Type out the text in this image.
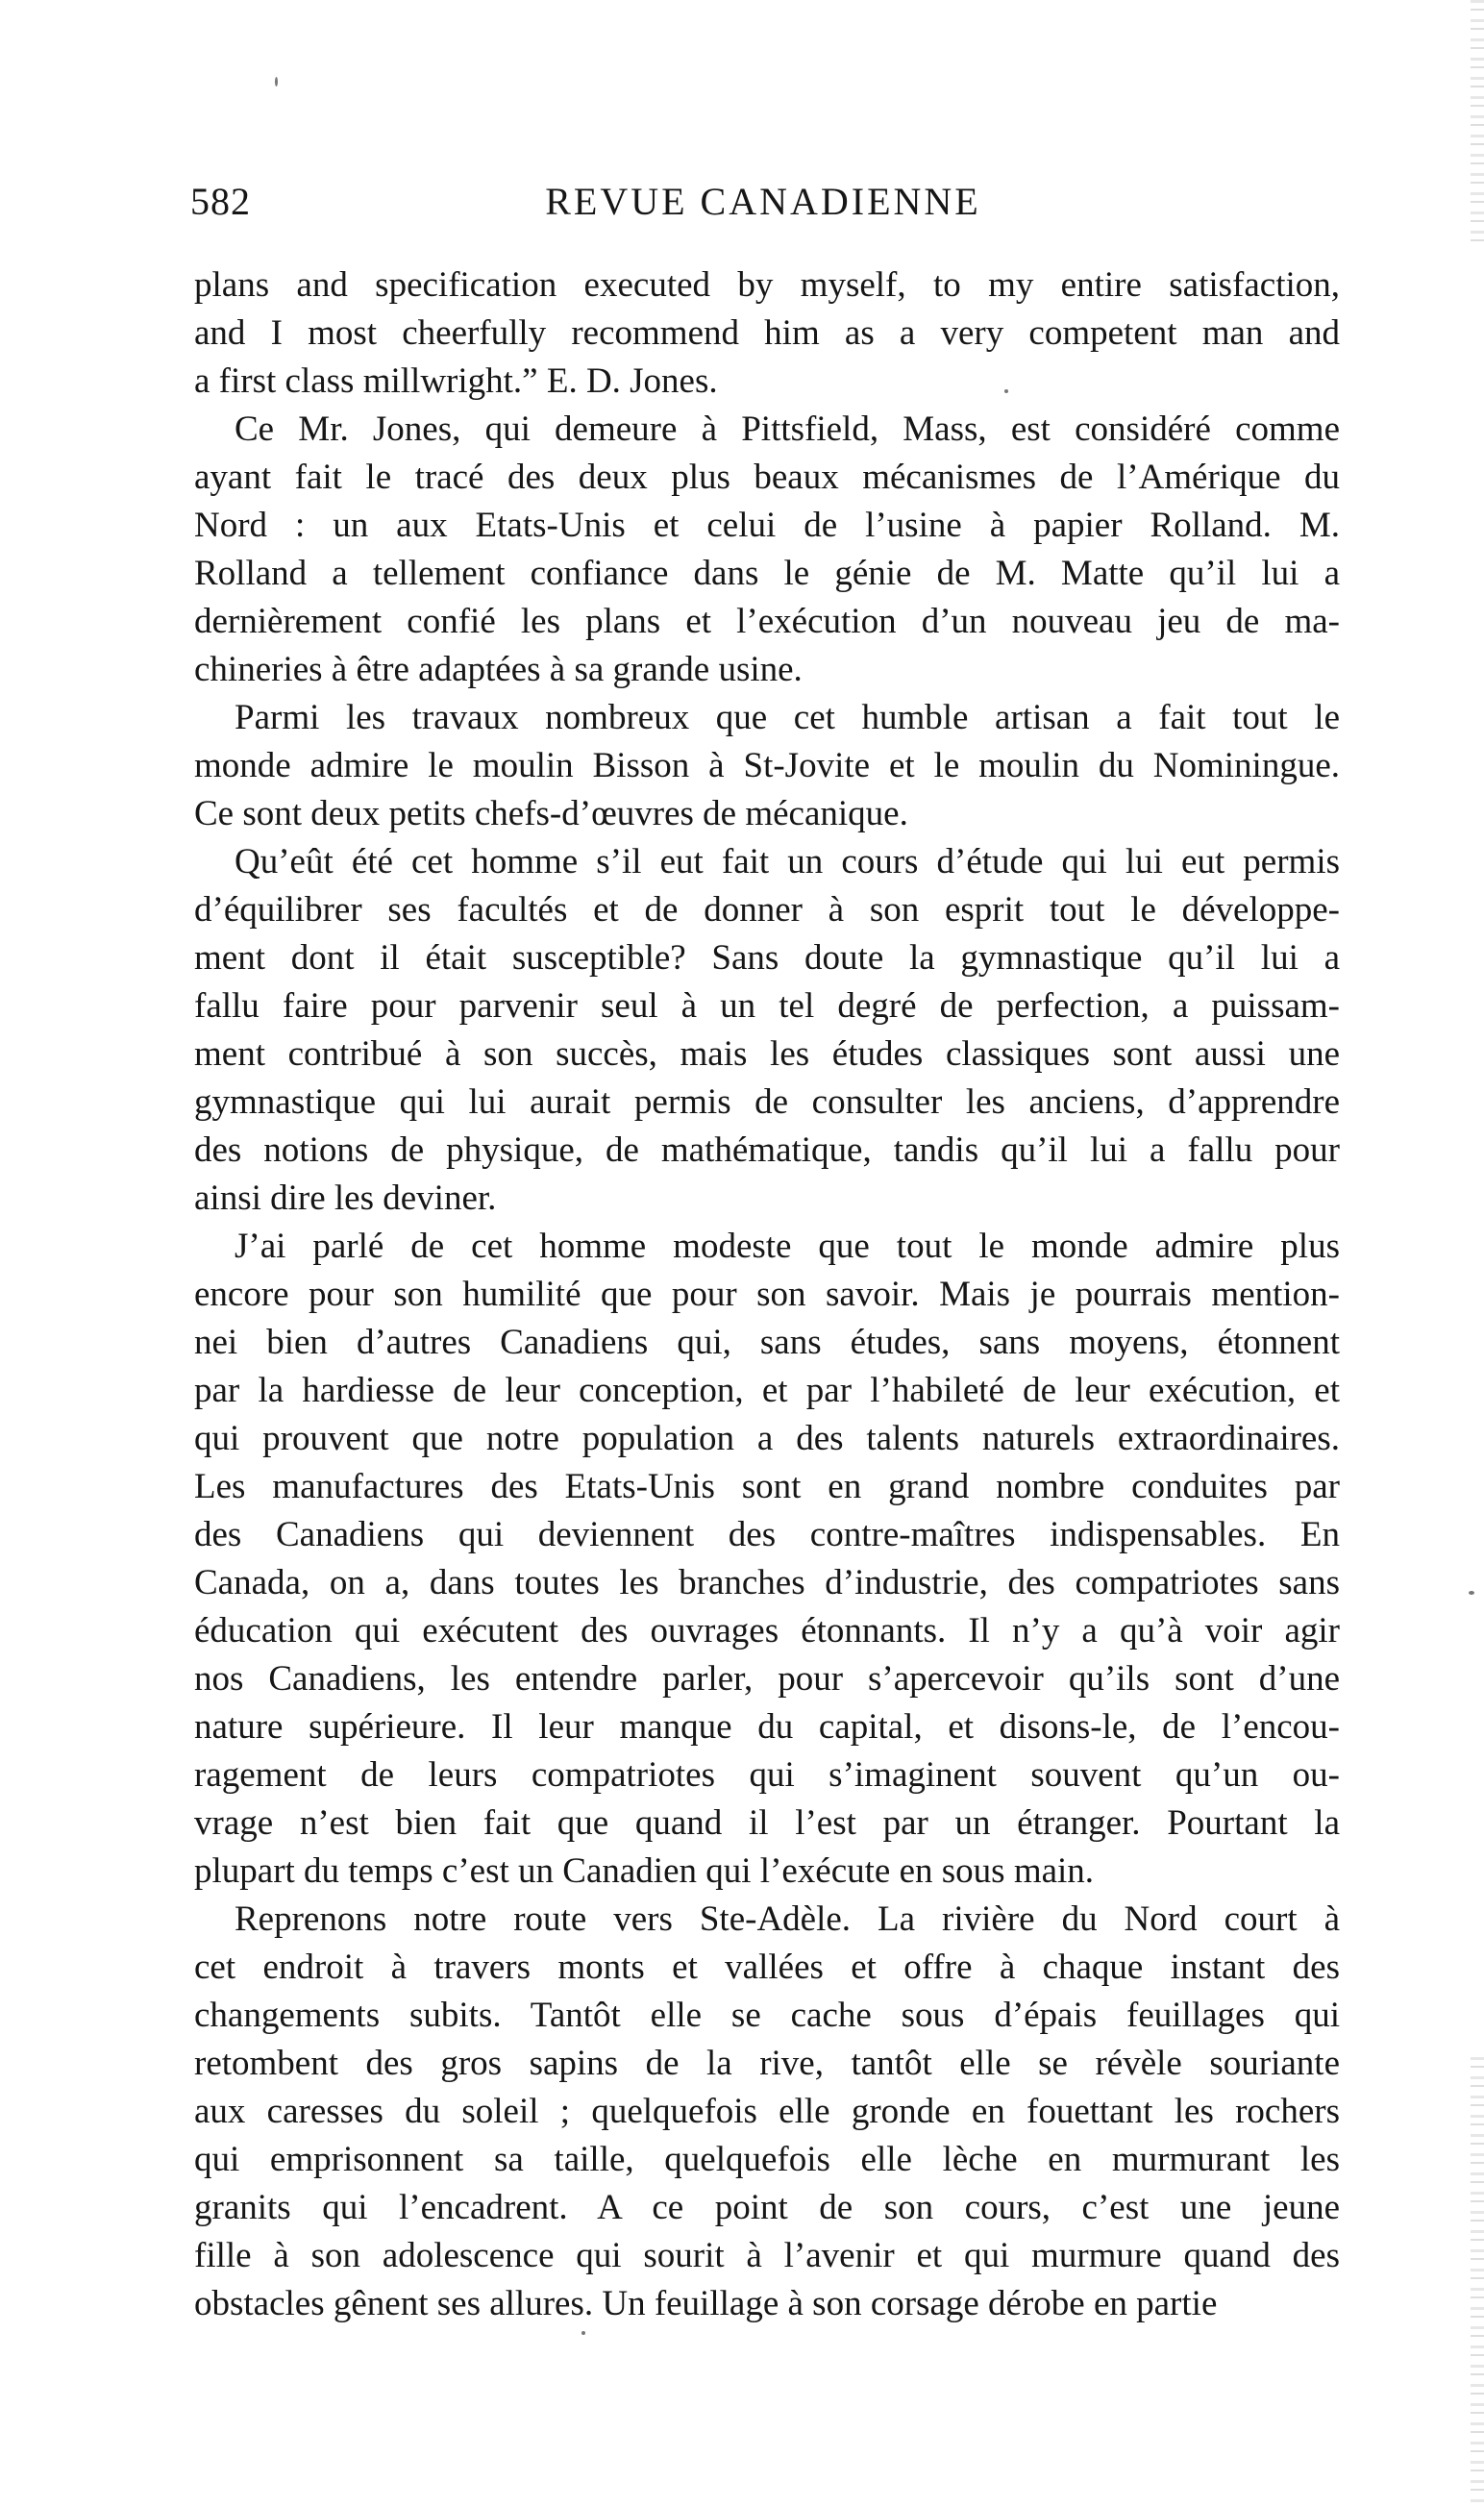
582	REVUE CANADIENNE
plans and specification executed by myself, to my entire satisfaction,
and I most cheerfully recommend him as a very competent man and
a first class millwright.” E. D. Jones.
Ce Mr. Jones, qui demeure à Pittsfield, Mass, est considéré comme
ayant fait le tracé des deux plus beaux mécanismes de l’Amérique du
Nord : un aux Etats-Unis et celui de l’usine à papier Rolland. M.
Rolland a tellement confiance dans le génie de M. Matte qu’il lui a
dernièrement confié les plans et l’exécution d’un nouveau jeu de ma-
chineries à être adaptées à sa grande usine.
Parmi les travaux nombreux que cet humble artisan a fait tout le
monde admire le moulin Bisson à St-Jovite et le moulin du Nominingue.
Ce sont deux petits chefs-d’œuvres de mécanique.
Qu’eût été cet homme s’il eut fait un cours d’étude qui lui eut permis
d’équilibrer ses facultés et de donner à son esprit tout le développe-
ment dont il était susceptible? Sans doute la gymnastique qu’il lui a
fallu faire pour parvenir seul à un tel degré de perfection, a puissam-
ment contribué à son succès, mais les études classiques sont aussi une
gymnastique qui lui aurait permis de consulter les anciens, d’apprendre
des notions de physique, de mathématique, tandis qu’il lui a fallu pour
ainsi dire les deviner.
J’ai parlé de cet homme modeste que tout le monde admire plus
encore pour son humilité que pour son savoir. Mais je pourrais mention-
nei bien d’autres Canadiens qui, sans études, sans moyens, étonnent
par la hardiesse de leur conception, et par l’habileté de leur exécution, et
qui prouvent que notre population a des talents naturels extraordinaires.
Les manufactures des Etats-Unis sont en grand nombre conduites par
des Canadiens qui deviennent des contre-maîtres indispensables. En
Canada, on a, dans toutes les branches d’industrie, des compatriotes sans
éducation qui exécutent des ouvrages étonnants. Il n’y a qu’à voir agir
nos Canadiens, les entendre parler, pour s’apercevoir qu’ils sont d’une
nature supérieure. Il leur manque du capital, et disons-le, de l’encou-
ragement de leurs compatriotes qui s’imaginent souvent qu’un ou-
vrage n’est bien fait que quand il l’est par un étranger. Pourtant la
plupart du temps c’est un Canadien qui l’exécute en sous main.
Reprenons notre route vers Ste-Adèle. La rivière du Nord court à
cet endroit à travers monts et vallées et offre à chaque instant des
changements subits. Tantôt elle se cache sous d’épais feuillages qui
retombent des gros sapins de la rive, tantôt elle se révèle souriante
aux caresses du soleil ; quelquefois elle gronde en fouettant les rochers
qui emprisonnent sa taille, quelquefois elle lèche en murmurant les
granits qui l’encadrent. A ce point de son cours, c’est une jeune
fille à son adolescence qui sourit à l’avenir et qui murmure quand des
obstacles gênent ses allures. Un feuillage à son corsage dérobe en partie
